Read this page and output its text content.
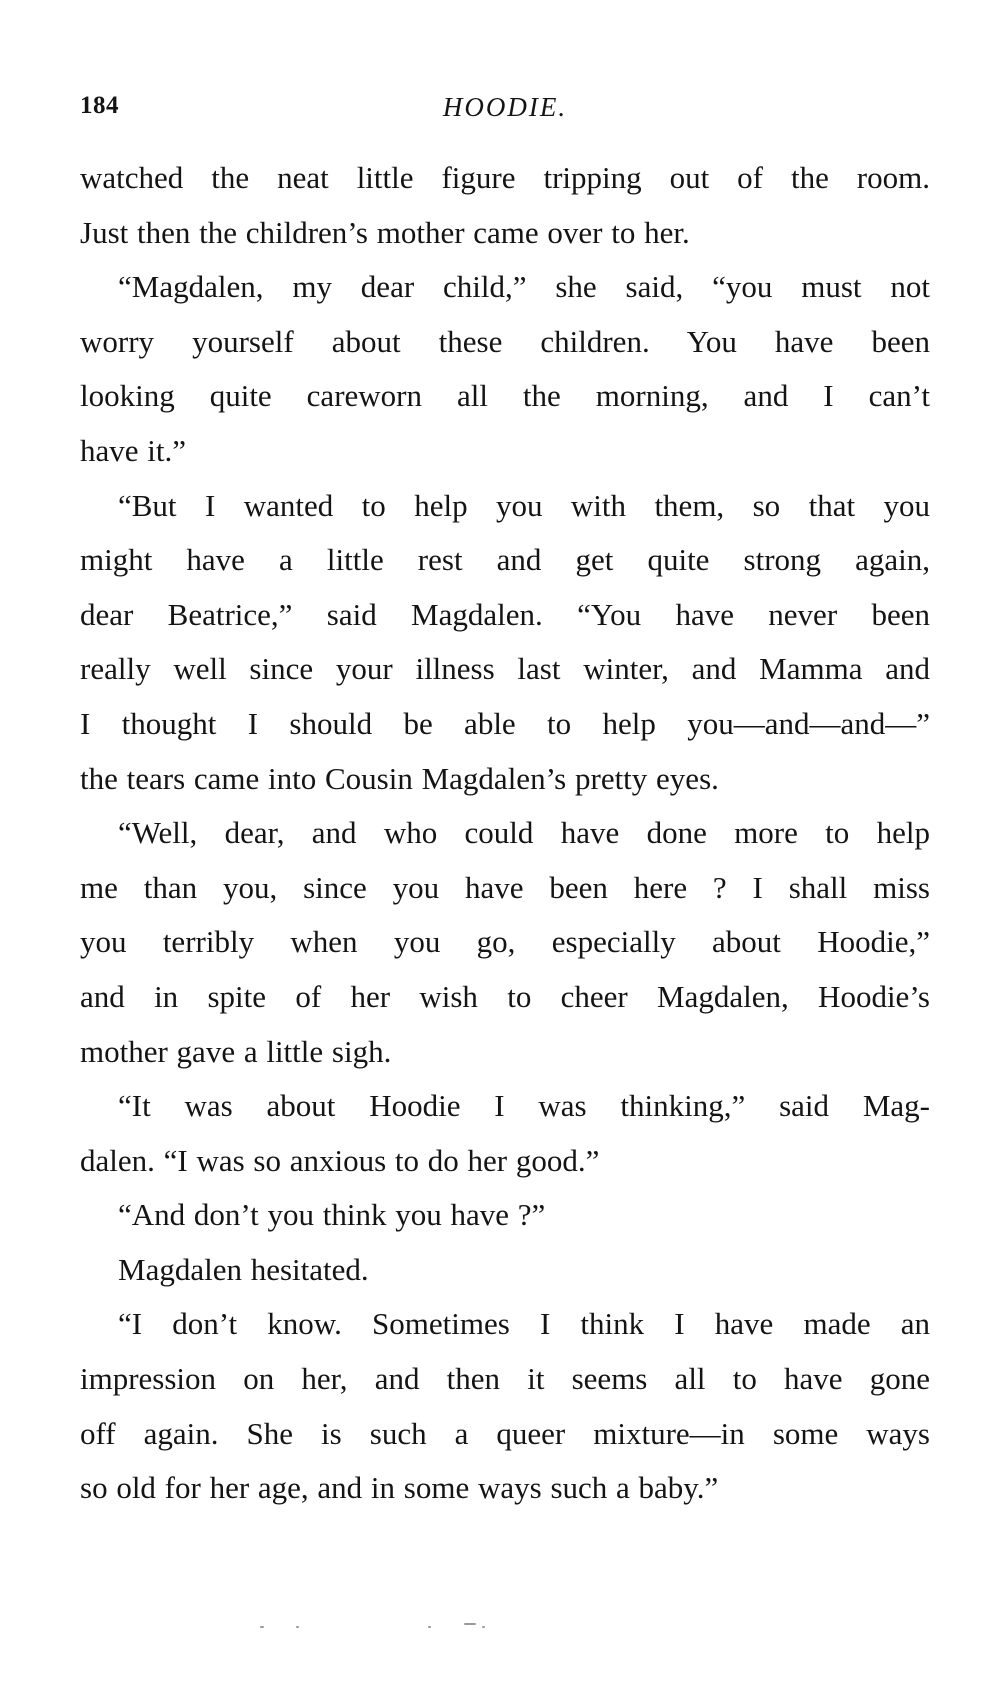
184	HOODIE.
watched the neat little figure tripping out of the room.
Just then the children’s mother came over to her.
“Magdalen, my dear child,” she said, “you must not
worry yourself about these children. You have been
looking quite careworn all the morning, and I can’t
have it.”
“But I wanted to help you with them, so that you
might have a little rest and get quite strong again,
dear Beatrice,” said Magdalen. “You have never been
really well since your illness last winter, and Mamma and
I thought I should be able to help you—and—and—”
the tears came into Cousin Magdalen’s pretty eyes.
“Well, dear, and who could have done more to help
me than you, since you have been here ? I shall miss
you terribly when you go, especially about Hoodie,”
and in spite of her wish to cheer Magdalen, Hoodie’s
mother gave a little sigh.
“It was about Hoodie I was thinking,” said Mag-
dalen. “I was so anxious to do her good.”
“And don’t you think you have ?”
Magdalen hesitated.
“I don’t know. Sometimes I think I have made an
impression on her, and then it seems all to have gone
off again. She is such a queer mixture—in some ways
so old for her age, and in some ways such a baby.”
